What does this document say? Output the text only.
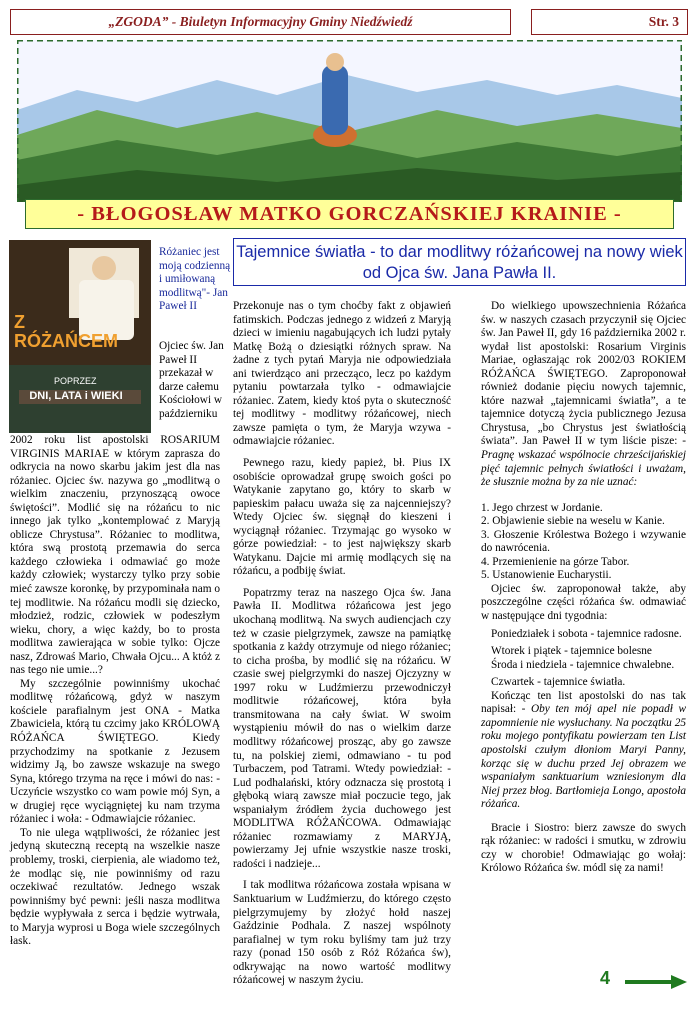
„ZGODA” - Biuletyn Informacyjny Gminy Niedźwiedź	Str. 3
- BŁOGOSŁAW MATKO GORCZAŃSKIEJ KRAINIE -
Z
RÓŻAŃCEM
POPRZEZ
DNI, LATA i WIEKI
Różaniec jest moją codzienną i umiłowaną modlitwą"- Jan Paweł II
Ojciec św. Jan Paweł II przekazał w darze całemu Kościołowi w październiku
Tajemnice światła - to dar modlitwy różańcowej na nowy wiek od Ojca św. Jana Pawła II.

2002 roku list apostolski ROSARIUM VIRGINIS MARIAE w którym zaprasza do odkrycia na nowo skarbu jakim jest dla nas różaniec. Ojciec św. nazywa go „modlitwą o wielkim znaczeniu, przynoszącą owoce świętości”. Modlić się na różańcu to nic innego jak tylko „kontemplować z Maryją oblicze Chrystusa”. Różaniec to modlitwa, która swą prostotą przemawia do serca każdego człowieka i odmawiać go może każdy człowiek; wystarczy tylko przy sobie mieć zawsze koronkę, by przypominała nam o tej modlitwie. Na różańcu modli się dziecko, młodzież, rodzic, człowiek w podeszłym wieku, chory, a więc każdy, bo to prosta modlitwa zawierająca w sobie tylko: Ojcze nasz, Zdrowaś Mario, Chwała Ojcu... A któż z nas tego nie umie...?

My szczególnie powinniśmy ukochać modlitwę różańcową, gdyż w naszym kościele parafialnym jest ONA - Matka Zbawiciela, którą tu czcimy jako KRÓLOWĄ RÓŻAŃCA ŚWIĘTEGO. Kiedy przychodzimy na spotkanie z Jezusem widzimy Ją, bo zawsze wskazuje na swego Syna, którego trzyma na ręce i mówi do nas: - Uczyńcie wszystko co wam powie mój Syn, a w drugiej ręce wyciągniętej ku nam trzyma różaniec i woła: - Odmawiajcie różaniec.

To nie ulega wątpliwości, że różaniec jest jedyną skuteczną receptą na wszelkie nasze problemy, troski, cierpienia, ale wiadomo też, że modląc się, nie powinniśmy od razu oczekiwać rezultatów. Jednego wszak powinniśmy być pewni: jeśli nasza modlitwa będzie wypływała z serca i będzie wytrwała, to Maryja wyprosi u Boga wiele szczególnych łask.

Przekonuje nas o tym choćby fakt z objawień fatimskich. Podczas jednego z widzeń z Maryją dzieci w imieniu nagabujących ich ludzi pytały Matkę Bożą o dziesiątki różnych spraw. Na żadne z tych pytań Maryja nie odpowiedziała ani twierdząco ani przecząco, lecz po każdym pytaniu powtarzała tylko - odmawiajcie różaniec. Zatem, kiedy ktoś pyta o skuteczność tej modlitwy - modlitwy różańcowej, niech zawsze pamięta o tym, że Maryja wzywa - odmawiajcie różaniec.

Pewnego razu, kiedy papież, bł. Pius IX osobiście oprowadzał grupę swoich gości po Watykanie zapytano go, który to skarb w papieskim pałacu uważa się za najcenniejszy? Wtedy Ojciec św. sięgnął do kieszeni i wyciągnął różaniec. Trzymając go wysoko w górze powiedział: - to jest największy skarb Watykanu. Dajcie mi armię modlących się na różańcu, a podbiję świat.

Popatrzmy teraz na naszego Ojca św. Jana Pawła II. Modlitwa różańcowa jest jego ukochaną modlitwą. Na swych audiencjach czy też w czasie pielgrzymek, zawsze na pamiątkę spotkania z każdy otrzymuje od niego różaniec; to cicha prośba, by modlić się na różańcu. W czasie swej pielgrzymki do naszej Ojczyzny w 1997 roku w Ludźmierzu przewodniczył modlitwie różańcowej, która była transmitowana na cały świat. W swoim wystąpieniu mówił do nas o wielkim darze modlitwy różańcowej prosząc, aby go zawsze tu, na polskiej ziemi, odmawiano - tu pod Turbaczem, pod Tatrami. Wtedy powiedział: - Lud podhalański, który odznacza się prostotą i głęboką wiarą zawsze miał poczucie tego, jak wspaniałym źródłem życia duchowego jest MODLITWA RÓŻAŃCOWA. Odmawiając różaniec rozmawiamy z MARYJĄ, powierzamy Jej ufnie wszystkie nasze troski, radości i nadzieje...

I tak modlitwa różańcowa została wpisana w Sanktuarium w Ludźmierzu, do którego często pielgrzymujemy by złożyć hołd naszej Gaździnie Podhala. Z naszej wspólnoty parafialnej w tym roku byliśmy tam już trzy razy (ponad 150 osób z Róż Różańca św), odkrywając na nowo wartość modlitwy różańcowej w naszym życiu.

Do wielkiego upowszechnienia Różańca św. w naszych czasach przyczynił się Ojciec św. Jan Paweł II, gdy 16 października 2002 r. wydał list apostolski: Rosarium Virginis Mariae, ogłaszając rok 2002/03 ROKIEM RÓŻAŃCA ŚWIĘTEGO. Zaproponował również dodanie pięciu nowych tajemnic, które nazwał „tajemnicami światła”, a te tajemnice dotyczą życia publicznego Jezusa Chrystusa, „bo Chrystus jest światłością świata”. Jan Paweł II w tym liście pisze: - Pragnę wskazać wspólnocie chrześcijańskiej pięć tajemnic pełnych światłości i uważam, że słusznie można by za nie uznać:

1. Jego chrzest w Jordanie.
2. Objawienie siebie na weselu w Kanie.
3. Głoszenie Królestwa Bożego i wzywanie do nawrócenia.
4. Przemienienie na górze Tabor.
5. Ustanowienie Eucharystii.

Ojciec św. zaproponował także, aby poszczególne części różańca św. odmawiać w następujące dni tygodnia:

Poniedziałek i sobota - tajemnice radosne.
Wtorek i piątek - tajemnice bolesne
Środa i niedziela - tajemnice chwalebne.
Czwartek - tajemnice światła.

Kończąc ten list apostolski do nas tak napisał: - Oby ten mój apel nie popadł w zapomnienie nie wysłuchany. Na początku 25 roku mojego pontyfikatu powierzam ten List apostolski czułym dłoniom Maryi Panny, korząc się w duchu przed Jej obrazem we wspaniałym sanktuarium wzniesionym dla Niej przez błog. Bartłomieja Longo, apostoła różańca.

Bracie i Siostro: bierz zawsze do swych rąk różaniec: w radości i smutku, w zdrowiu czy w chorobie! Odmawiając go wołaj: Królowo Różańca św. módl się za nami!

4
